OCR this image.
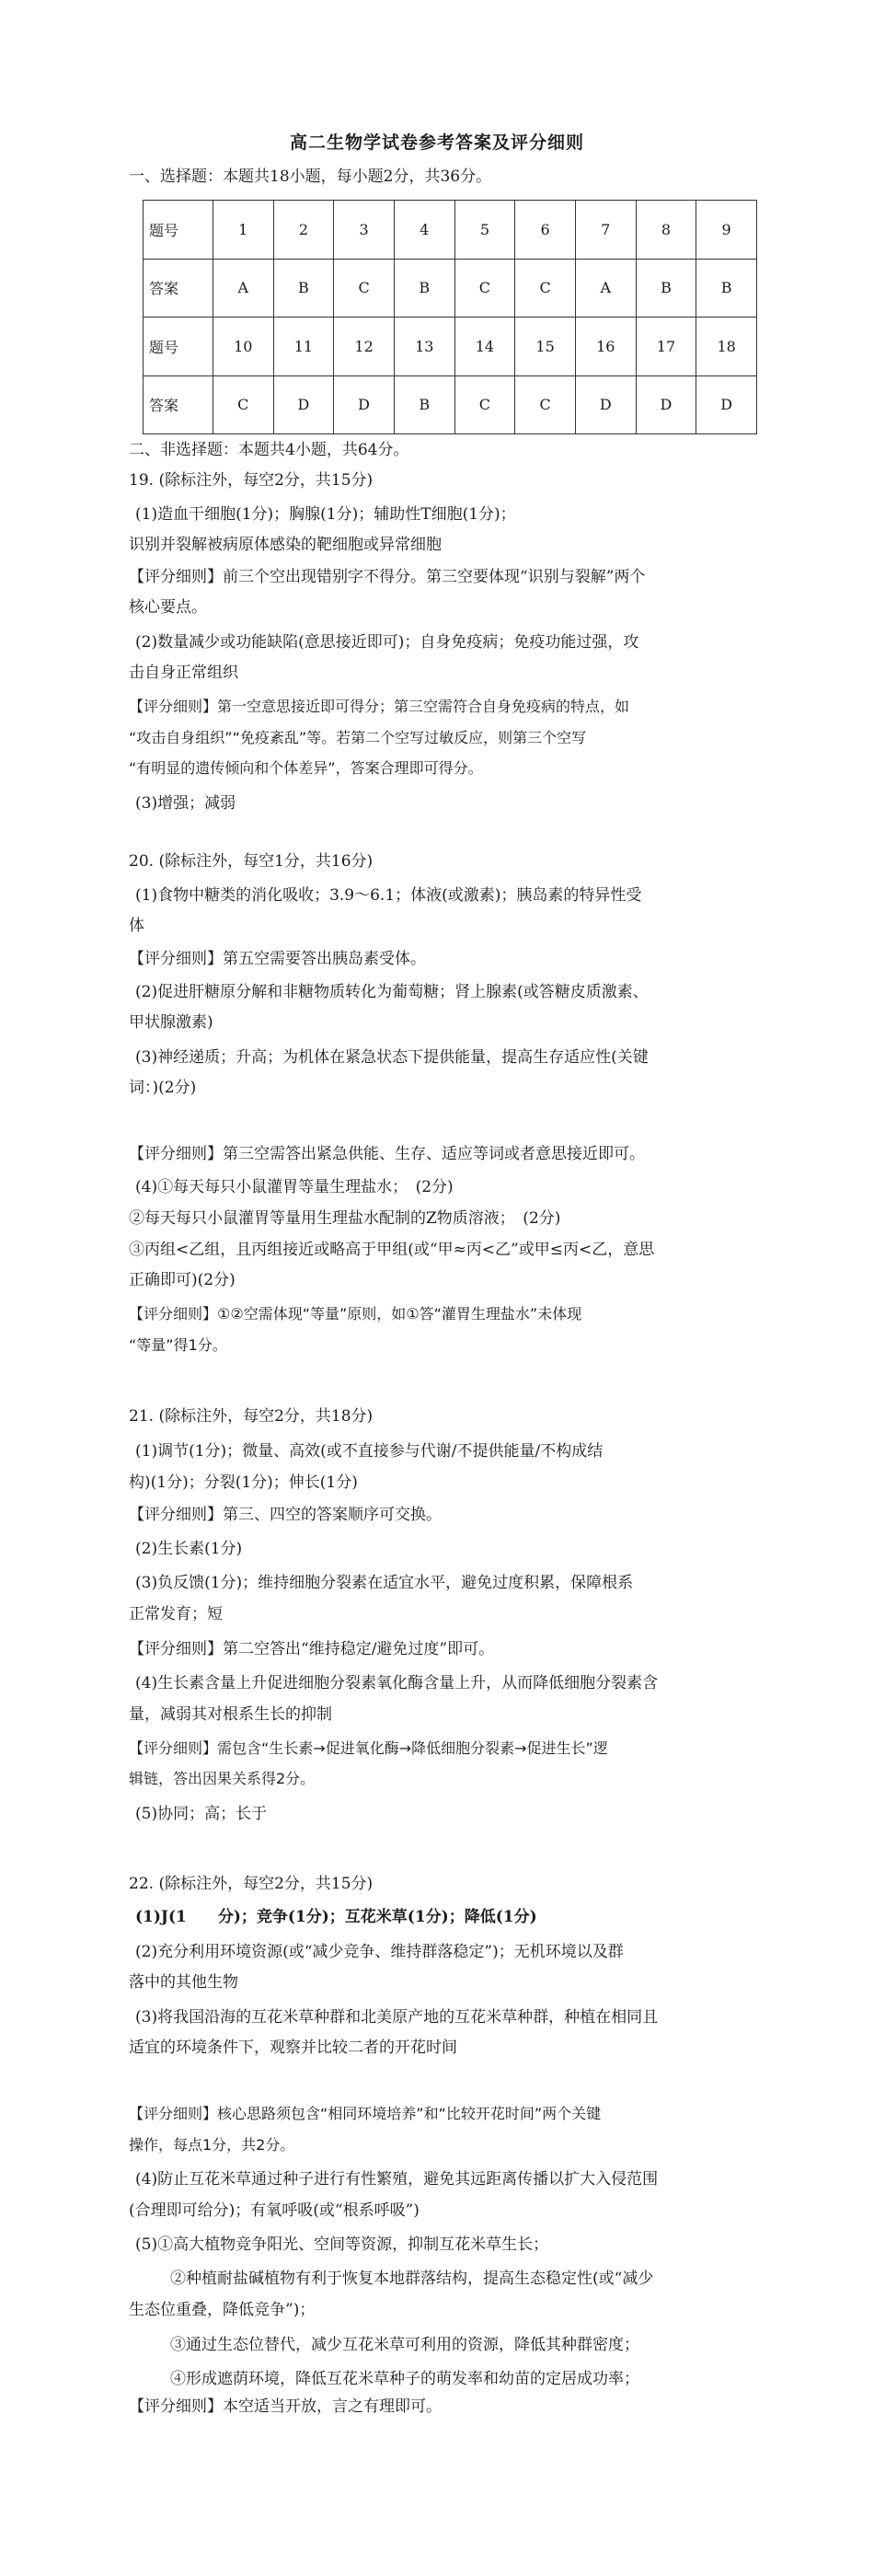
高二生物学试卷参考答案及评分细则
一、选择题：本题共18小题，每小题2分，共36分。
题号	1	2	3	4	5	6	7	8	9
答案	A	B	C	B	C	C	A	B	B
题号	10	11	12	13	14	15	16	17	18
答案	C	D	D	B	C	C	D	D	D
二、非选择题：本题共4小题，共64分。
19. (除标注外，每空2分，共15分)
(1)造血干细胞(1分)；胸腺(1分)；辅助性T细胞(1分)；
识别并裂解被病原体感染的靶细胞或异常细胞
【评分细则】前三个空出现错别字不得分。第三空要体现“识别与裂解”两个
核心要点。
(2)数量减少或功能缺陷(意思接近即可)；自身免疫病；免疫功能过强，攻
击自身正常组织
【评分细则】第一空意思接近即可得分；第三空需符合自身免疫病的特点，如
“攻击自身组织”“免疫紊乱”等。若第二个空写过敏反应，则第三个空写
“有明显的遗传倾向和个体差异”，答案合理即可得分。
(3)增强；减弱
20. (除标注外，每空1分，共16分)
(1)食物中糖类的消化吸收；3.9～6.1；体液(或激素)；胰岛素的特异性受
体
【评分细则】第五空需要答出胰岛素受体。
(2)促进肝糖原分解和非糖物质转化为葡萄糖；肾上腺素(或答糖皮质激素、
甲状腺激素)
(3)神经递质；升高；为机体在紧急状态下提供能量，提高生存适应性(关键
词：)(2分)
【评分细则】第三空需答出紧急供能、生存、适应等词或者意思接近即可。
(4)①每天每只小鼠灌胃等量生理盐水；　(2分)
②每天每只小鼠灌胃等量用生理盐水配制的Z物质溶液；　(2分)
③丙组<乙组，且丙组接近或略高于甲组(或“甲≈丙<乙”或甲≤丙<乙，意思
正确即可)(2分)
【评分细则】①②空需体现“等量”原则，如①答“灌胃生理盐水”未体现
“等量”得1分。
21. (除标注外，每空2分，共18分)
(1)调节(1分)；微量、高效(或不直接参与代谢/不提供能量/不构成结
构)(1分)；分裂(1分)；伸长(1分)
【评分细则】第三、四空的答案顺序可交换。
(2)生长素(1分)
(3)负反馈(1分)；维持细胞分裂素在适宜水平，避免过度积累，保障根系
正常发育；短
【评分细则】第二空答出“维持稳定/避免过度”即可。
(4)生长素含量上升促进细胞分裂素氧化酶含量上升，从而降低细胞分裂素含
量，减弱其对根系生长的抑制
【评分细则】需包含“生长素→促进氧化酶→降低细胞分裂素→促进生长”逻
辑链，答出因果关系得2分。
(5)协同；高；长于
22. (除标注外，每空2分，共15分)
(1)J(1　　分)；竞争(1分)；互花米草(1分)；降低(1分)
(2)充分利用环境资源(或“减少竞争、维持群落稳定”)；无机环境以及群
落中的其他生物
(3)将我国沿海的互花米草种群和北美原产地的互花米草种群，种植在相同且
适宜的环境条件下，观察并比较二者的开花时间
【评分细则】核心思路须包含“相同环境培养”和“比较开花时间”两个关键
操作，每点1分，共2分。
(4)防止互花米草通过种子进行有性繁殖，避免其远距离传播以扩大入侵范围
(合理即可给分)；有氧呼吸(或“根系呼吸”)
(5)①高大植物竞争阳光、空间等资源，抑制互花米草生长；
②种植耐盐碱植物有利于恢复本地群落结构，提高生态稳定性(或“减少
生态位重叠，降低竞争”)；
③通过生态位替代，减少互花米草可利用的资源，降低其种群密度；
④形成遮荫环境，降低互花米草种子的萌发率和幼苗的定居成功率；
【评分细则】本空适当开放，言之有理即可。
